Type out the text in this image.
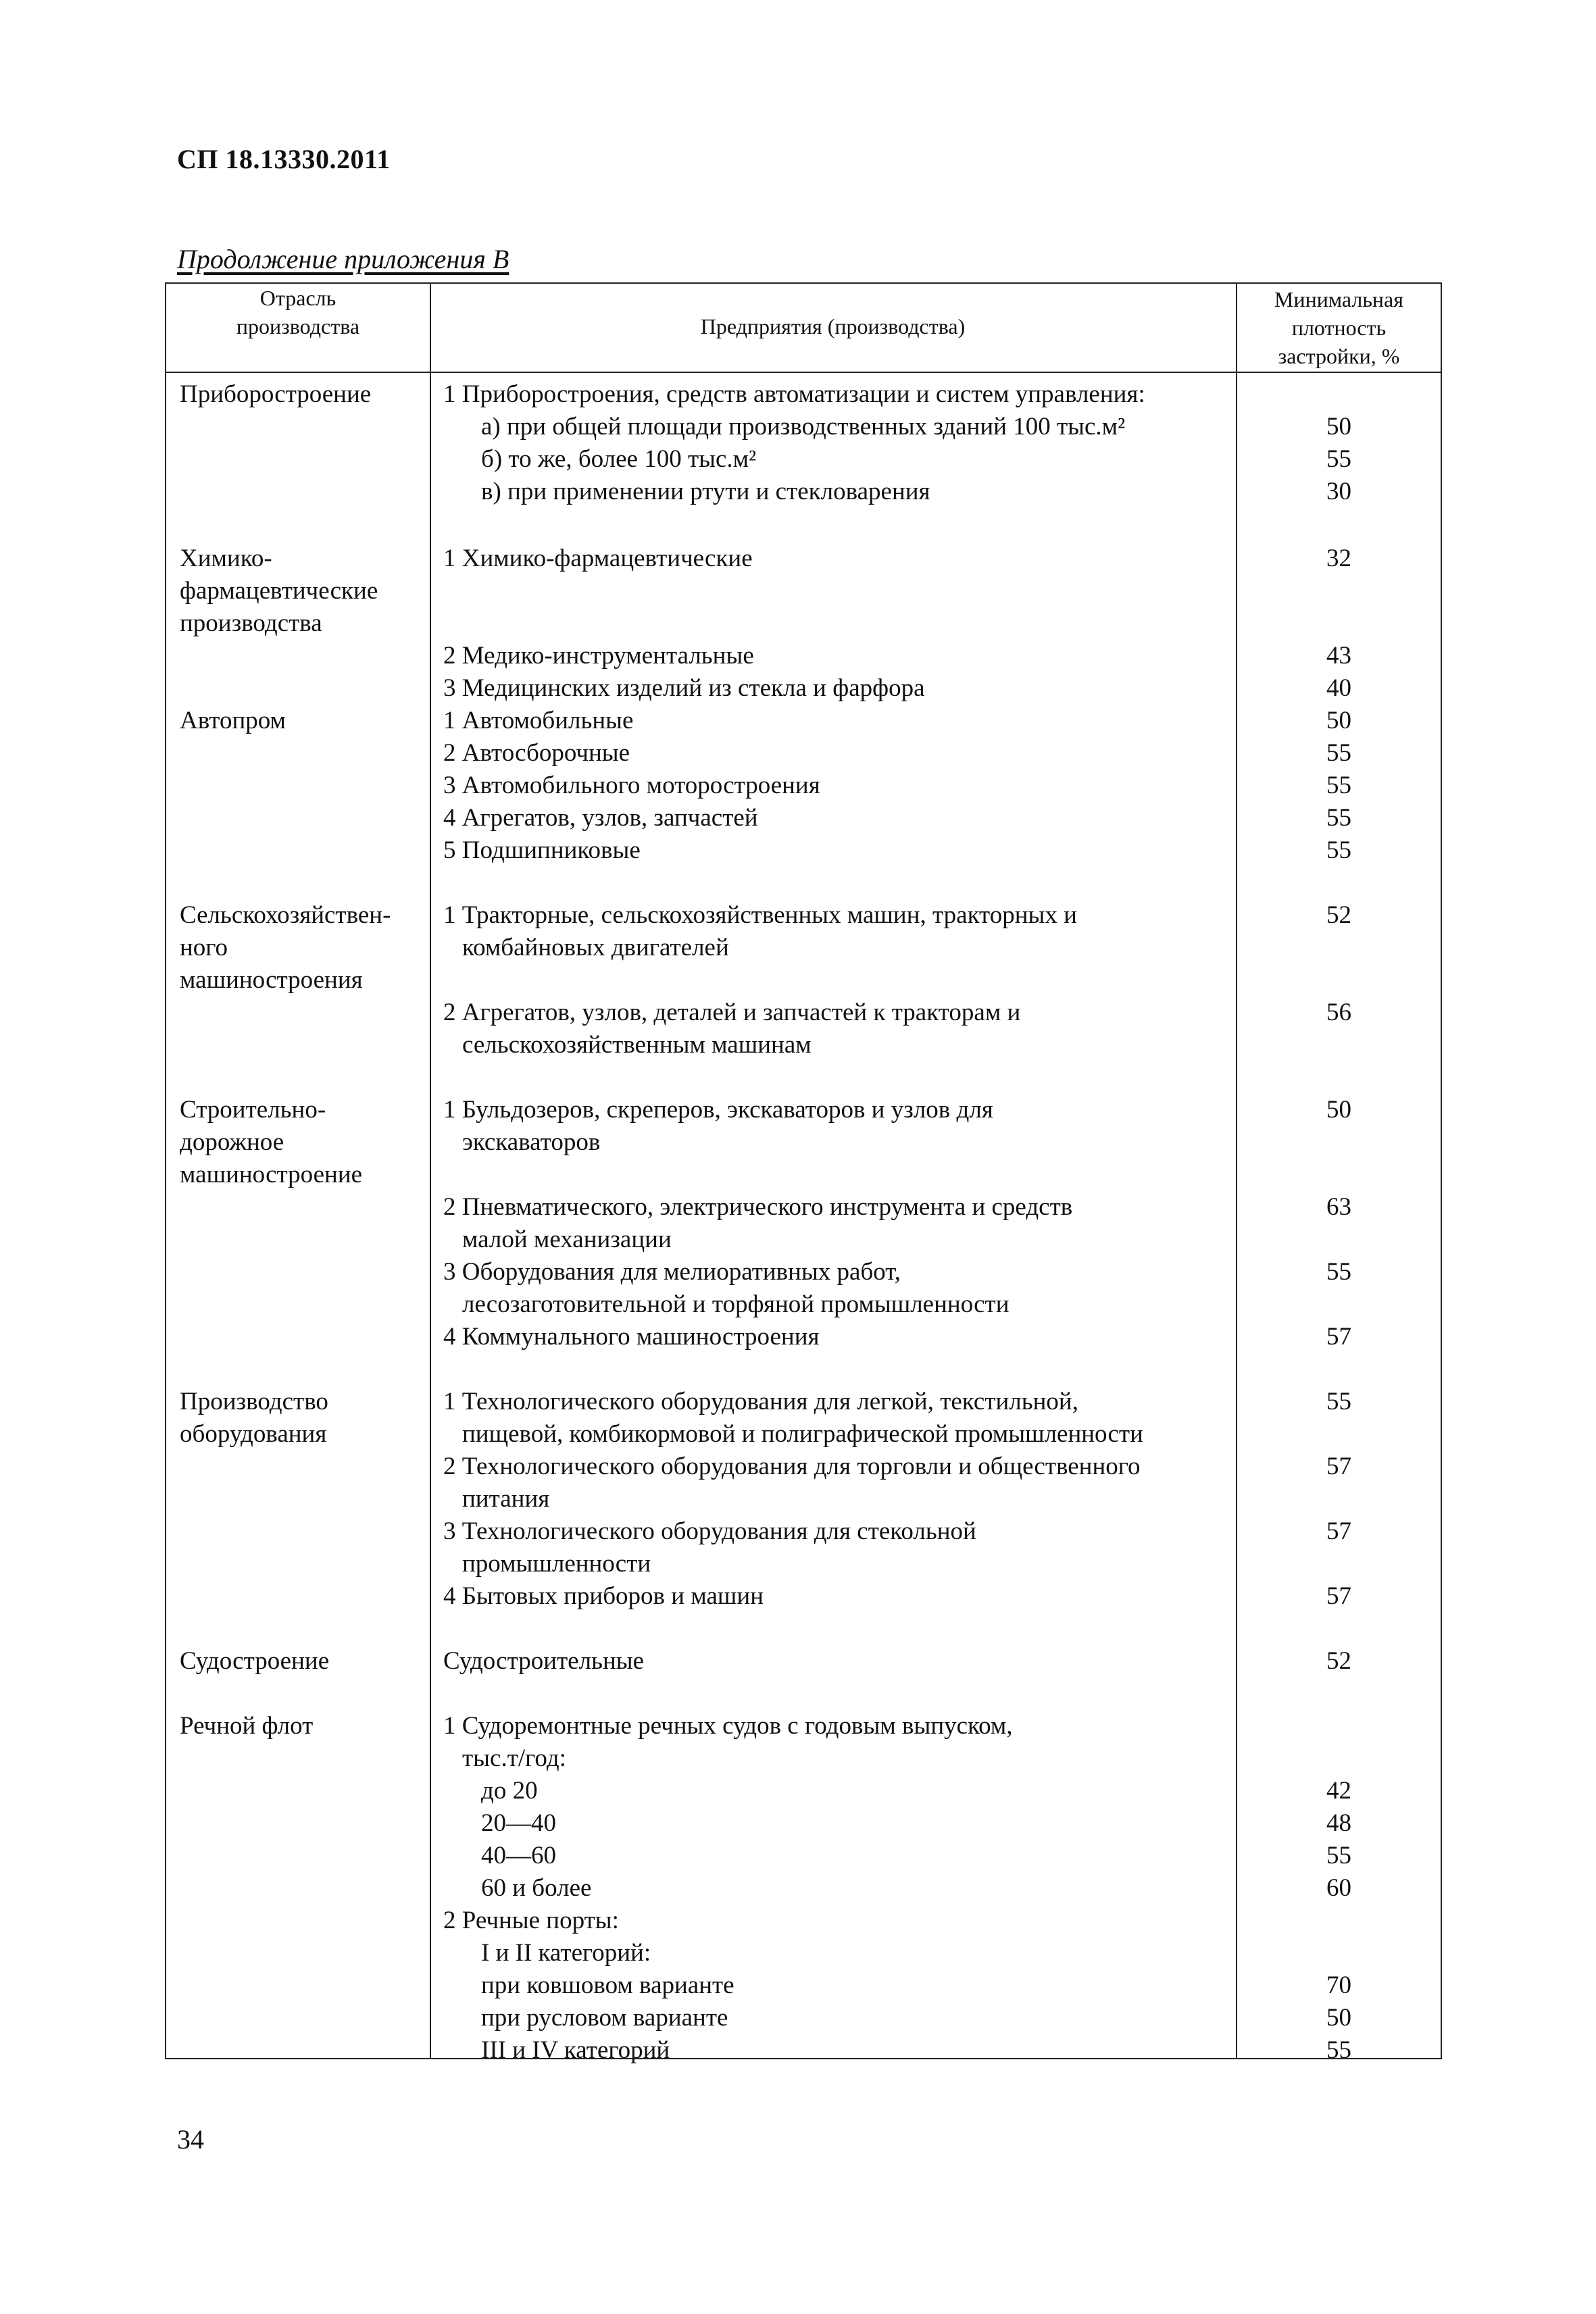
СП 18.13330.2011
Продолжение приложения В
Отрасль
производства	Предприятия (производства)
Минимальная
плотность
застройки, %
Приборостроение	1 Приборостроения, средств автоматизации и систем управления:
а) при общей площади производственных зданий 100 тыс.м²	50
б) то же, более 100 тыс.м²	55
в) при применении ртути и стекловарения	30
Химико-
фармацевтические
производства
1 Химико-фармацевтические	32
2 Медико-инструментальные	43
3 Медицинских изделий из стекла и фарфора	40
Автопром	1 Автомобильные	50
2 Автосборочные	55
3 Автомобильного моторостроения	55
4 Агрегатов, узлов, запчастей	55
5 Подшипниковые	55
Сельскохозяйствен-
ного
машиностроения
1 Тракторные, сельскохозяйственных машин, тракторных и
комбайновых двигателей
52
2 Агрегатов, узлов, деталей и запчастей к тракторам и
сельскохозяйственным машинам
56
Строительно-
дорожное
машиностроение
1 Бульдозеров, скреперов, экскаваторов и узлов для
экскаваторов
50
2 Пневматического, электрического инструмента и средств
малой механизации
63
3 Оборудования для мелиоративных работ,
лесозаготовительной и торфяной промышленности
55
4 Коммунального машиностроения	57
Производство
оборудования
1 Технологического оборудования для легкой, текстильной,
пищевой, комбикормовой и полиграфической промышленности
55
2 Технологического оборудования для торговли и общественного
питания
57
3 Технологического оборудования для стекольной
промышленности
57
4 Бытовых приборов и машин	57
Судостроение	Судостроительные	52
Речной флот	1 Судоремонтные речных судов с годовым выпуском,
тыс.т/год:
до 20	42
20—40	48
40—60	55
60 и более	60
2 Речные порты:
I и II категорий:
при ковшовом варианте	70
при русловом варианте	50
III и IV категорий	55
34
